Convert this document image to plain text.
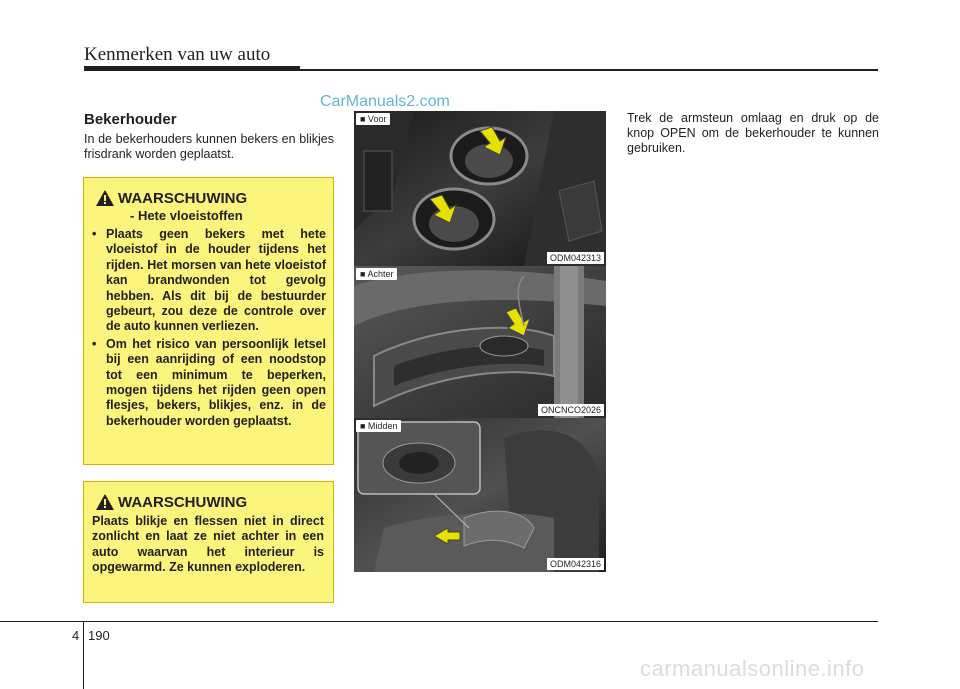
Kenmerken van uw auto
CarManuals2.com
Bekerhouder
In de bekerhouders kunnen bekers en blikjes frisdrank worden geplaatst.
WAARSCHUWING
- Hete vloeistoffen
• Plaats geen bekers met hete vloeistof in de houder tijdens het rijden. Het morsen van hete vloeistof kan brandwonden tot gevolg hebben. Als dit bij de bestuurder gebeurt, zou deze de controle over de auto kunnen verliezen.
• Om het risico van persoonlijk letsel bij een aanrijding of een noodstop tot een minimum te beperken, mogen tijdens het rijden geen open flesjes, bekers, blikjes, enz. in de bekerhouder worden geplaatst.
WAARSCHUWING
Plaats blikje en flessen niet in direct zonlicht en laat ze niet achter in een auto waarvan het interieur is opgewarmd. Ze kunnen exploderen.
■ Voor
ODM042313
■ Achter
ONCNCO2026
■ Midden
ODM042316
Trek de armsteun omlaag en druk op de knop OPEN om de bekerhouder te kunnen gebruiken.
4 190
carmanualsonline.info
